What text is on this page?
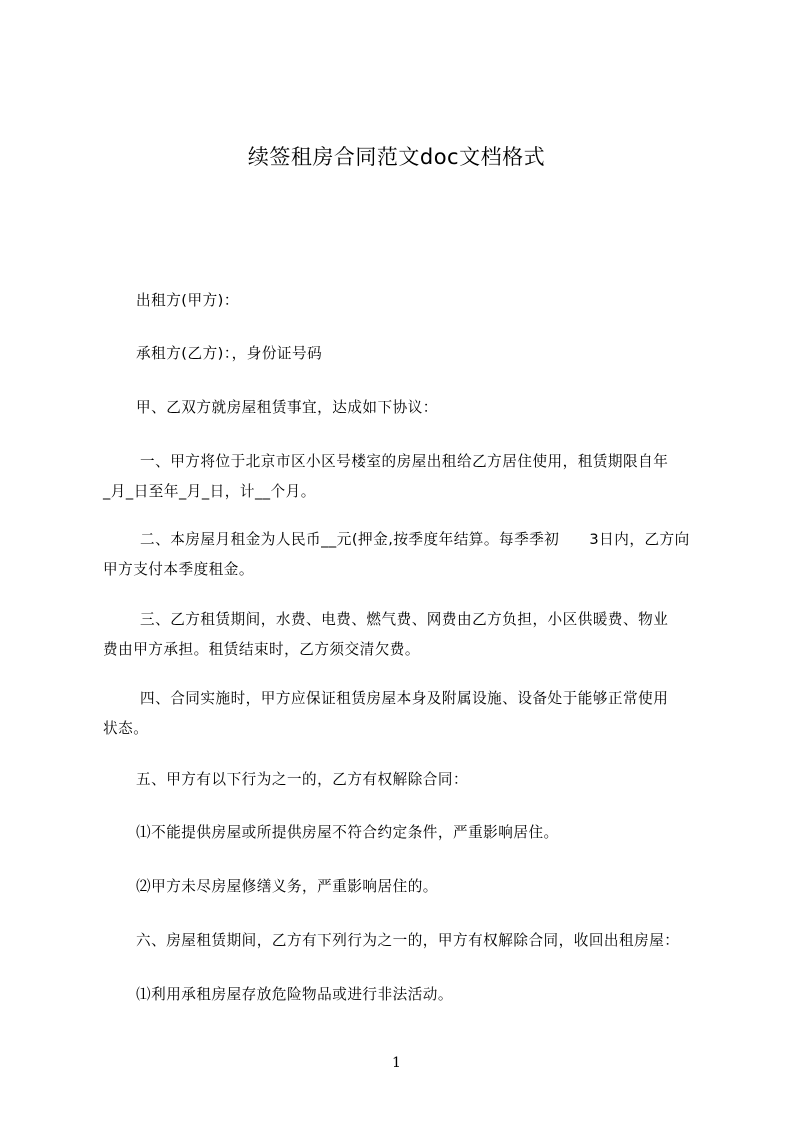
续签租房合同范文doc文档格式
出租方(甲方)：
承租方(乙方)：，身份证号码
甲、乙双方就房屋租赁事宜，达成如下协议：
一、甲方将位于北京市区小区号楼室的房屋出租给乙方居住使用，租赁期限自年
_月_日至年_月_日，计__个月。
二、本房屋月租金为人民币__元(押金,按季度年结算。每季季初 3日内，乙方向
甲方支付本季度租金。
三、乙方租赁期间，水费、电费、燃气费、网费由乙方负担，小区供暖费、物业
费由甲方承担。租赁结束时，乙方须交清欠费。
四、合同实施时，甲方应保证租赁房屋本身及附属设施、设备处于能够正常使用
状态。
五、甲方有以下行为之一的，乙方有权解除合同：
⑴不能提供房屋或所提供房屋不符合约定条件，严重影响居住。
⑵甲方未尽房屋修缮义务，严重影响居住的。
六、房屋租赁期间，乙方有下列行为之一的，甲方有权解除合同，收回出租房屋：
⑴利用承租房屋存放危险物品或进行非法活动。
1
